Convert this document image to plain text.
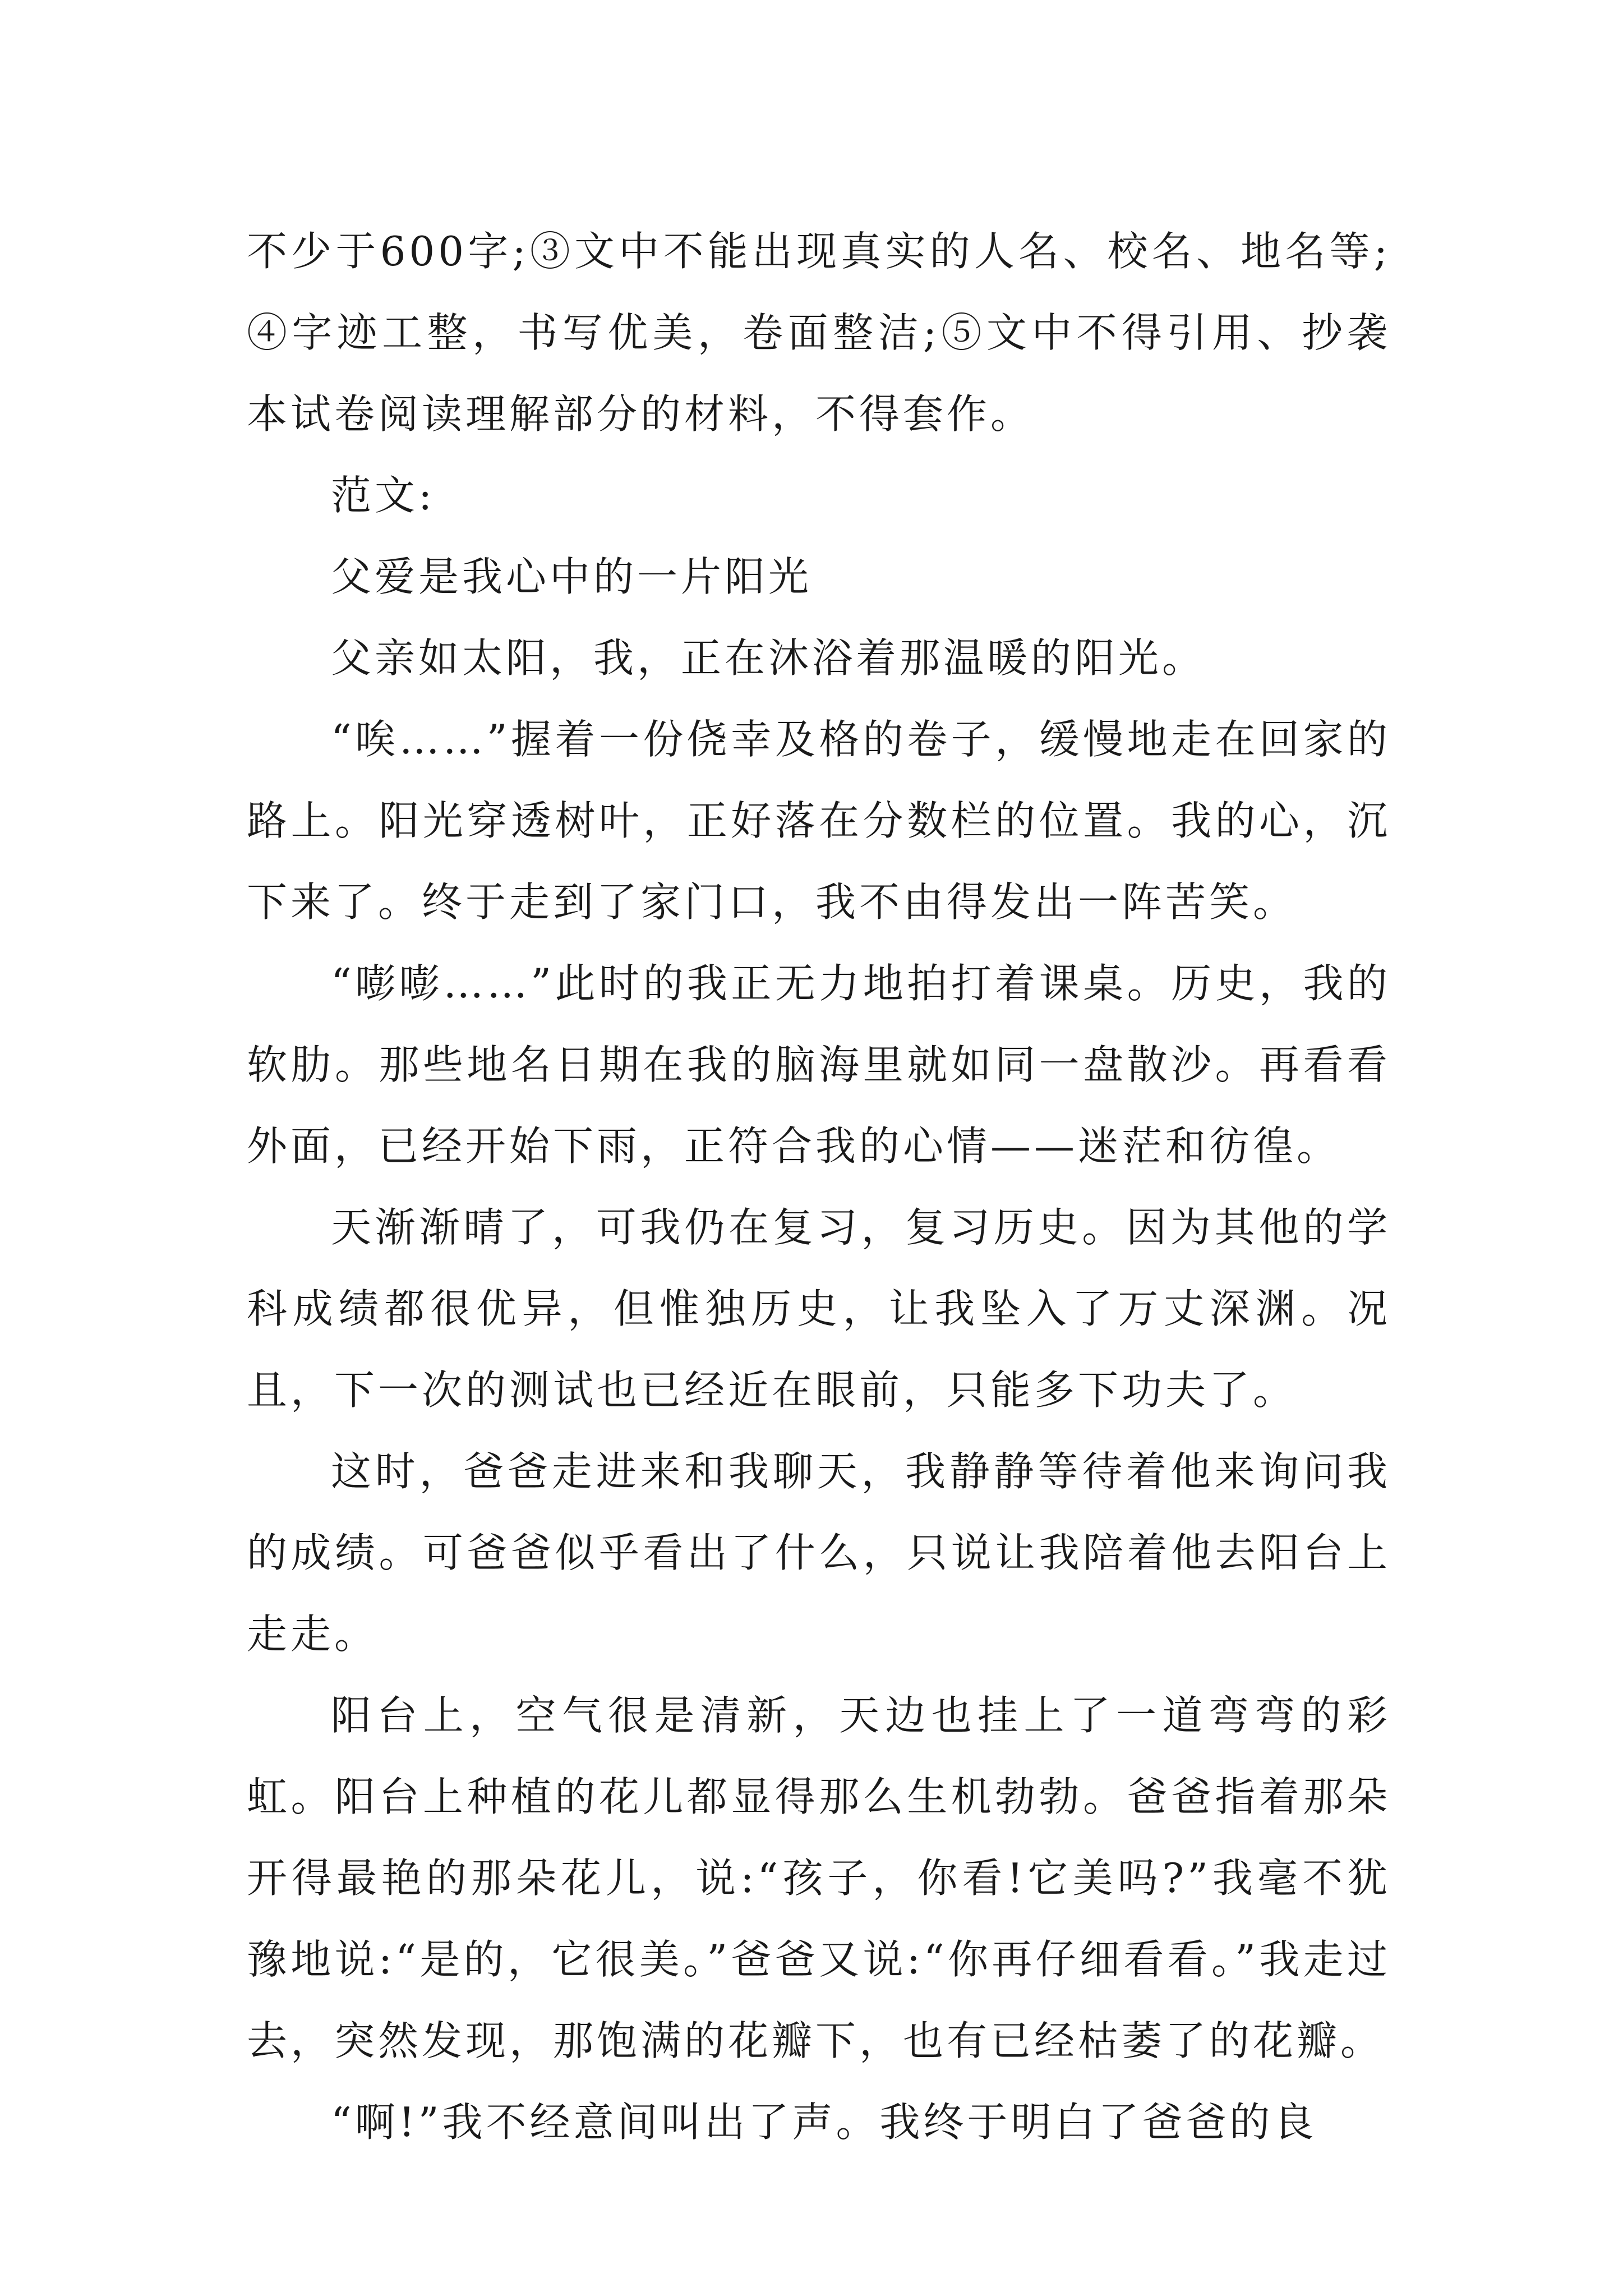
不少于600字;③文中不能出现真实的人名、校名、地名等;④字迹工整，书写优美，卷面整洁;⑤文中不得引用、抄袭本试卷阅读理解部分的材料，不得套作。

范文:

父爱是我心中的一片阳光

父亲如太阳，我，正在沐浴着那温暖的阳光。

“唉……”握着一份侥幸及格的卷子，缓慢地走在回家的路上。阳光穿透树叶，正好落在分数栏的位置。我的心，沉下来了。终于走到了家门口，我不由得发出一阵苦笑。

“嘭嘭……”此时的我正无力地拍打着课桌。历史，我的软肋。那些地名日期在我的脑海里就如同一盘散沙。再看看外面，已经开始下雨，正符合我的心情——迷茫和彷徨。

天渐渐晴了，可我仍在复习，复习历史。因为其他的学科成绩都很优异，但惟独历史，让我坠入了万丈深渊。况且，下一次的测试也已经近在眼前，只能多下功夫了。

这时，爸爸走进来和我聊天，我静静等待着他来询问我的成绩。可爸爸似乎看出了什么，只说让我陪着他去阳台上走走。

阳台上，空气很是清新，天边也挂上了一道弯弯的彩虹。阳台上种植的花儿都显得那么生机勃勃。爸爸指着那朵开得最艳的那朵花儿，说:“孩子，你看!它美吗?”我毫不犹豫地说:“是的，它很美。”爸爸又说:“你再仔细看看。”我走过去，突然发现，那饱满的花瓣下，也有已经枯萎了的花瓣。

“啊!”我不经意间叫出了声。我终于明白了爸爸的良
